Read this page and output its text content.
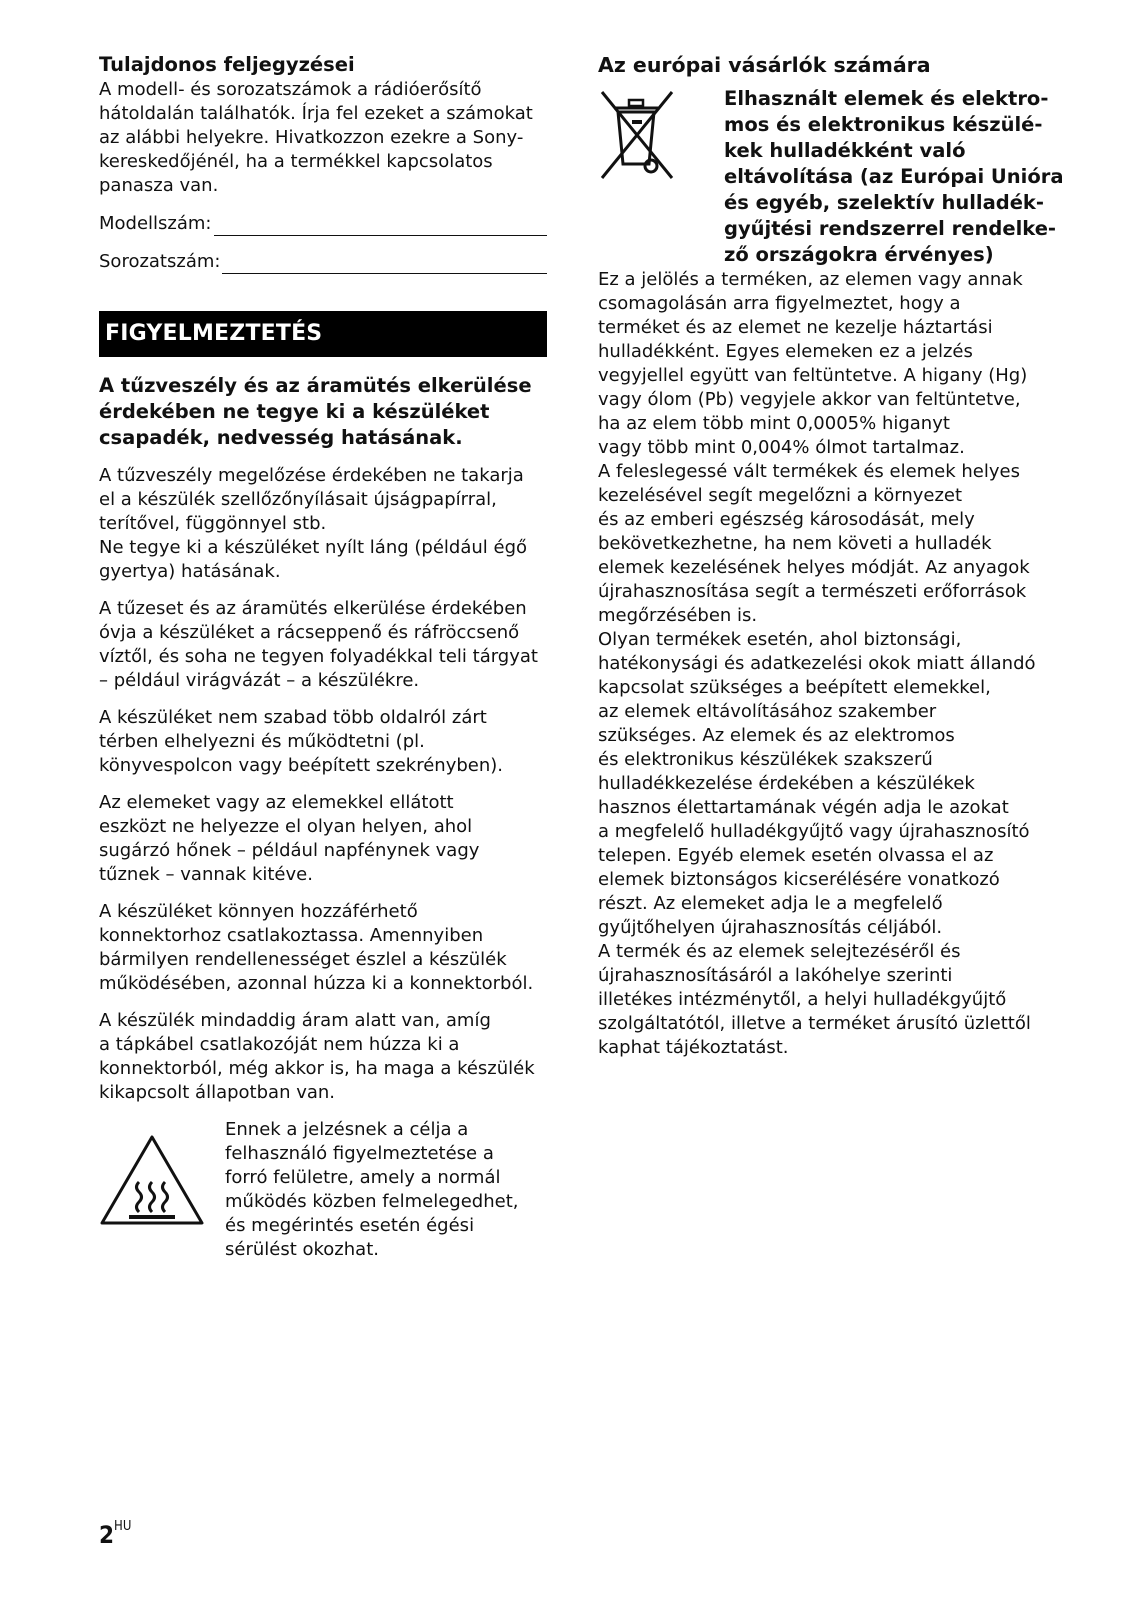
Tulajdonos feljegyzései

A modell- és sorozatszámok a rádióerősítő

hátoldalán találhatók. Írja fel ezeket a számokat

az alábbi helyekre. Hivatkozzon ezekre a Sony-

kereskedőjénél, ha a termékkel kapcsolatos

panasza van.

Modellszám:
Sorozatszám:
FIGYELMEZTETÉS

A tűzveszély és az áramütés elkerülése

érdekében ne tegye ki a készüléket

csapadék, nedvesség hatásának.

A tűzveszély megelőzése érdekében ne takarja

el a készülék szellőzőnyílásait újságpapírral,

terítővel, függönnyel stb.

Ne tegye ki a készüléket nyílt láng (például égő

gyertya) hatásának.

A tűzeset és az áramütés elkerülése érdekében

óvja a készüléket a rácseppenő és ráfröccsenő

víztől, és soha ne tegyen folyadékkal teli tárgyat

– például virágvázát – a készülékre.

A készüléket nem szabad több oldalról zárt

térben elhelyezni és működtetni (pl.

könyvespolcon vagy beépített szekrényben).

Az elemeket vagy az elemekkel ellátott

eszközt ne helyezze el olyan helyen, ahol

sugárzó hőnek – például napfénynek vagy

tűznek – vannak kitéve.

A készüléket könnyen hozzáférhető

konnektorhoz csatlakoztassa. Amennyiben

bármilyen rendellenességet észlel a készülék

működésében, azonnal húzza ki a konnektorból.

A készülék mindaddig áram alatt van, amíg

a tápkábel csatlakozóját nem húzza ki a

konnektorból, még akkor is, ha maga a készülék

kikapcsolt állapotban van.

Ennek a jelzésnek a célja a

felhasználó figyelmeztetése a

forró felületre, amely a normál

működés közben felmelegedhet,

és megérintés esetén égési

sérülést okozhat.

Az európai vásárlók számára

Elhasznált elemek és elektro-

mos és elektronikus készülé-

kek hulladékként való

eltávolítása (az Európai Unióra

és egyéb, szelektív hulladék-

gyűjtési rendszerrel rendelke-

ző országokra érvényes)

Ez a jelölés a terméken, az elemen vagy annak

csomagolásán arra figyelmeztet, hogy a

terméket és az elemet ne kezelje háztartási

hulladékként. Egyes elemeken ez a jelzés

vegyjellel együtt van feltüntetve. A higany (Hg)

vagy ólom (Pb) vegyjele akkor van feltüntetve,

ha az elem több mint 0,0005% higanyt

vagy több mint 0,004% ólmot tartalmaz.

A feleslegessé vált termékek és elemek helyes

kezelésével segít megelőzni a környezet

és az emberi egészség károsodását, mely

bekövetkezhetne, ha nem követi a hulladék

elemek kezelésének helyes módját. Az anyagok

újrahasznosítása segít a természeti erőforrások

megőrzésében is.

Olyan termékek esetén, ahol biztonsági,

hatékonysági és adatkezelési okok miatt állandó

kapcsolat szükséges a beépített elemekkel,

az elemek eltávolításához szakember

szükséges. Az elemek és az elektromos

és elektronikus készülékek szakszerű

hulladékkezelése érdekében a készülékek

hasznos élettartamának végén adja le azokat

a megfelelő hulladékgyűjtő vagy újrahasznosító

telepen. Egyéb elemek esetén olvassa el az

elemek biztonságos kicserélésére vonatkozó

részt. Az elemeket adja le a megfelelő

gyűjtőhelyen újrahasznosítás céljából.

A termék és az elemek selejtezéséről és

újrahasznosításáról a lakóhelye szerinti

illetékes intézménytől, a helyi hulladékgyűjtő

szolgáltatótól, illetve a terméket árusító üzlettől

kaphat tájékoztatást.

$2^{HU}$
